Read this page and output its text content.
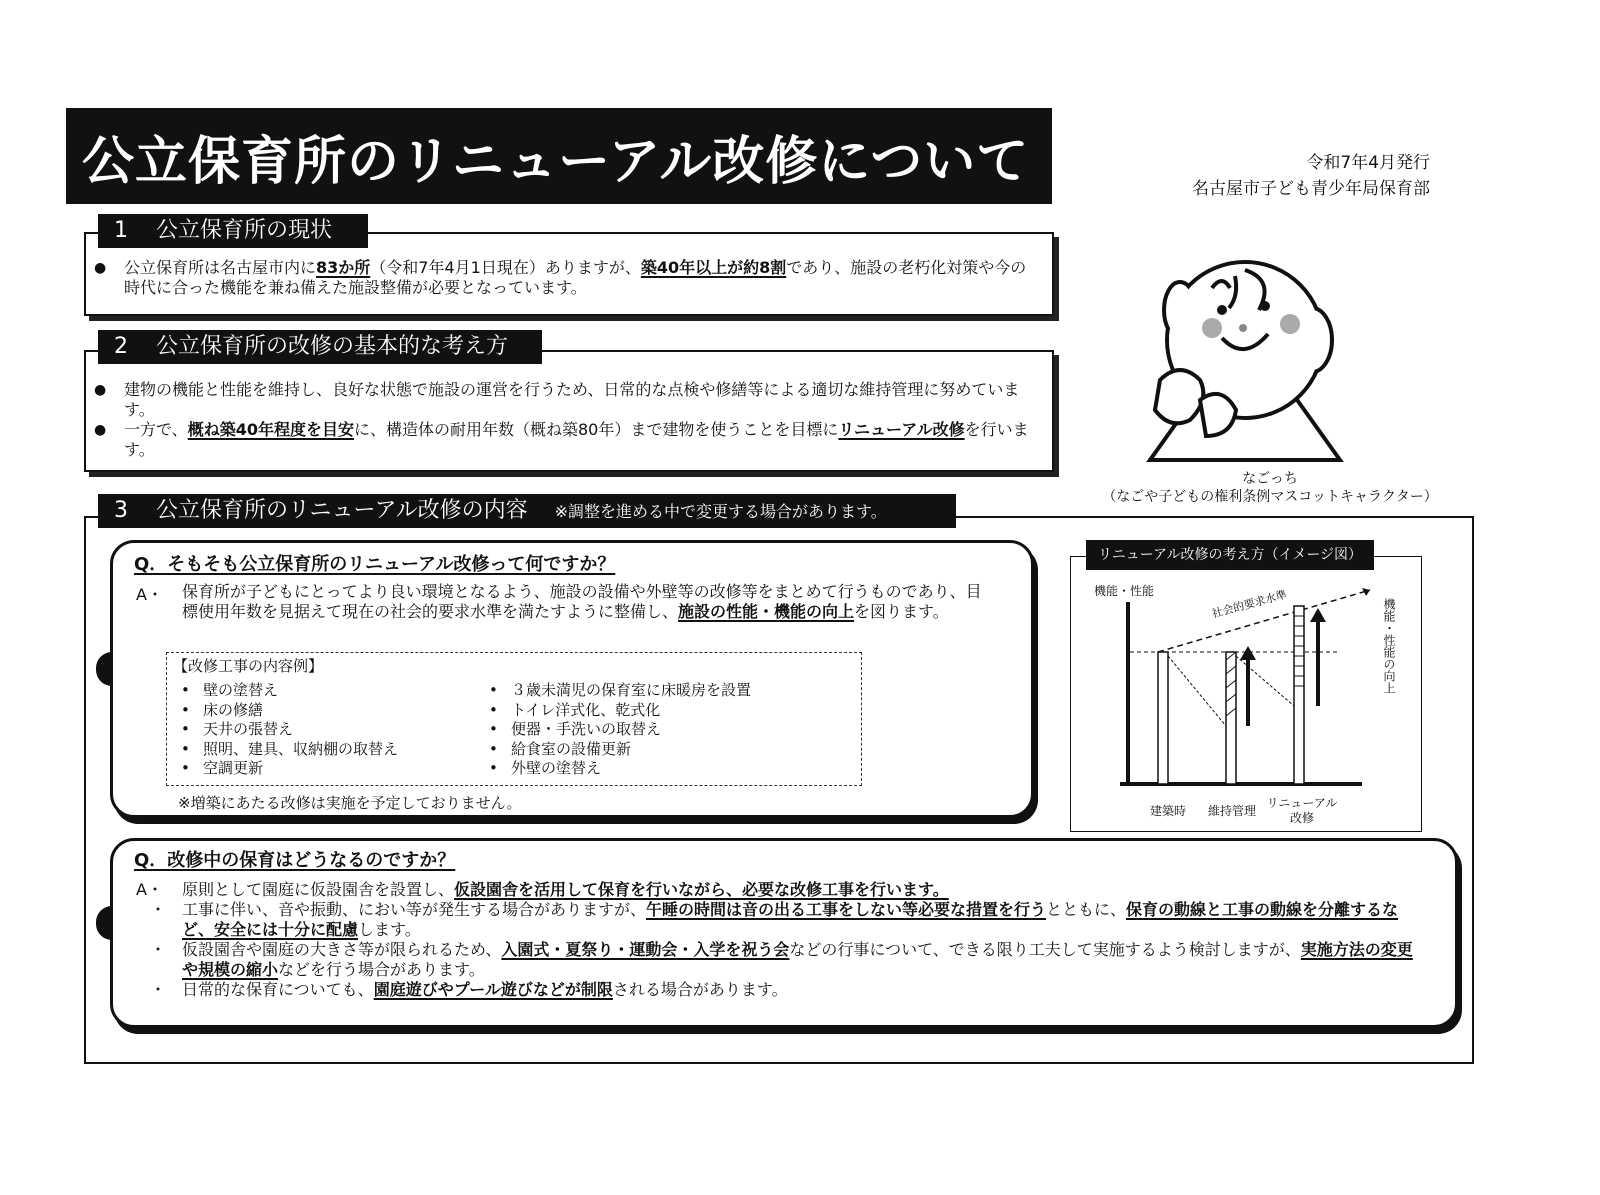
公立保育所のリニューアル改修について	令和7年4月発行
名古屋市子ども青少年局保育部
1 公立保育所の現状
● 公立保育所は名古屋市内に83か所（令和7年4月1日現在）ありますが、築40年以上が約8割であり、施設の老朽化対策や今の時代に合った機能を兼ね備えた施設整備が必要となっています。
2 公立保育所の改修の基本的な考え方
● 建物の機能と性能を維持し、良好な状態で施設の運営を行うため、日常的な点検や修繕等による適切な維持管理に努めています。
● 一方で、概ね築40年程度を目安に、構造体の耐用年数（概ね築80年）まで建物を使うことを目標にリニューアル改修を行います。
なごっち
（なごや子どもの権利条例マスコットキャラクター）
3 公立保育所のリニューアル改修の内容 ※調整を進める中で変更する場合があります。
Q．そもそも公立保育所のリニューアル改修って何ですか？
A・ 保育所が子どもにとってより良い環境となるよう、施設の設備や外壁等の改修等をまとめて行うものであり、目標使用年数を見据えて現在の社会的要求水準を満たすように整備し、施設の性能・機能の向上を図ります。
【改修工事の内容例】
• 壁の塗替え
• 床の修繕
• 天井の張替え
• 照明、建具、収納棚の取替え
• 空調更新
• ３歳未満児の保育室に床暖房を設置
• トイレ洋式化、乾式化
• 便器・手洗いの取替え
• 給食室の設備更新
• 外壁の塗替え
※増築にあたる改修は実施を予定しておりません。
リニューアル改修の考え方（イメージ図）
機能・性能	社会的要求水準	機能・性能の向上
建築時	維持管理
リニューアル改修
Q．改修中の保育はどうなるのですか？
A・ 原則として園庭に仮設園舎を設置し、仮設園舎を活用して保育を行いながら、必要な改修工事を行います。
・ 工事に伴い、音や振動、におい等が発生する場合がありますが、午睡の時間は音の出る工事をしない等必要な措置を行うとともに、保育の動線と工事の動線を分離するなど、安全には十分に配慮します。
・ 仮設園舎や園庭の大きさ等が限られるため、入園式・夏祭り・運動会・入学を祝う会などの行事について、できる限り工夫して実施するよう検討しますが、実施方法の変更や規模の縮小などを行う場合があります。
・ 日常的な保育についても、園庭遊びやプール遊びなどが制限される場合があります。
